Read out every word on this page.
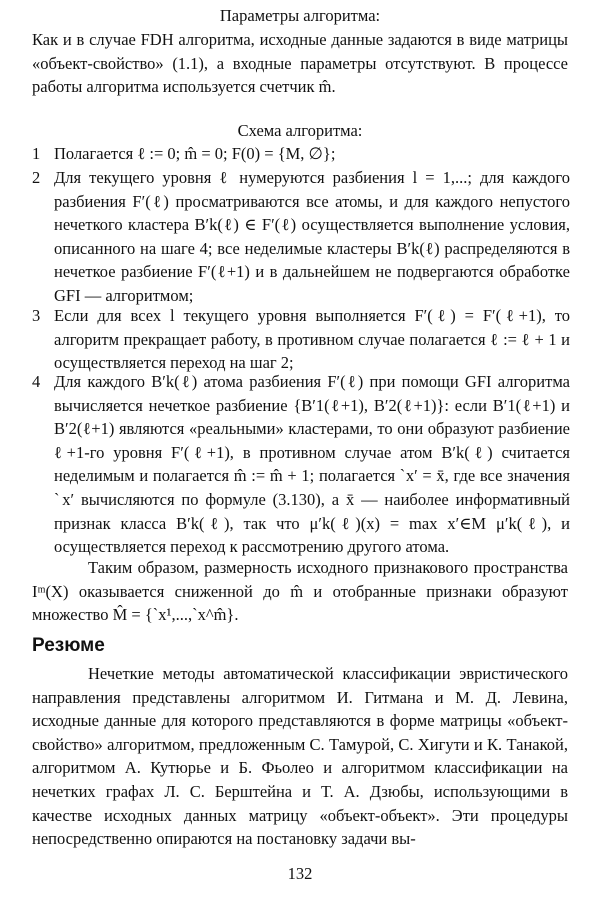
Параметры алгоритма:
Как и в случае FDH алгоритма, исходные данные задаются в виде матрицы «объект-свойство» (1.1), а входные параметры отсутствуют. В процессе работы алгоритма используется счетчик m̂.
Схема алгоритма:
1 Полагается ℓ := 0; m̂ = 0; F(0) = {M, ∅};
2 Для текущего уровня ℓ нумеруются разбиения l = 1,...; для каждого разбиения F′(ℓ) просматриваются все атомы, и для каждого непустого нечеткого кластера B′k(ℓ) ∈ F′(ℓ) осуществляется выполнение условия, описанного на шаге 4; все неделимые кластеры B′k(ℓ) распределяются в нечеткое разбиение F′(ℓ+1) и в дальнейшем не подвергаются обработке GFI — алгоритмом;
3 Если для всех l текущего уровня выполняется F′(ℓ) = F′(ℓ+1), то алгоритм прекращает работу, в противном случае полагается ℓ := ℓ + 1 и осуществляется переход на шаг 2;
4 Для каждого B′k(ℓ) атома разбиения F′(ℓ) при помощи GFI алгоритма вычисляется нечеткое разбиение {B′1(ℓ+1), B′2(ℓ+1)}: если B′1(ℓ+1) и B′2(ℓ+1) являются «реальными» кластерами, то они образуют разбиение ℓ+1-го уровня F′(ℓ+1), в противном случае атом B′k(ℓ) считается неделимым и полагается m̂ := m̂ + 1; полагается ˋx′ = x̄, где все значения ˋx′ вычисляются по формуле (3.130), а x̄ — наиболее информативный признак класса B′k(ℓ), так что μ′k(ℓ)(x) = max x′∈M μ′k(ℓ), и осуществляется переход к рассмотрению другого атома.
Таким образом, размерность исходного признакового пространства Iᵐ(X) оказывается сниженной до m̂ и отобранные признаки образуют множество M̂ = {ˋx¹,...,ˋx^m̂}.
Резюме
Нечеткие методы автоматической классификации эвристического направления представлены алгоритмом И. Гитмана и М. Д. Левина, исходные данные для которого представляются в форме матрицы «объект-свойство» алгоритмом, предложенным С. Тамурой, С. Хигути и К. Танакой, алгоритмом А. Кутюрье и Б. Фьолео и алгоритмом классификации на нечетких графах Л. С. Берштейна и Т. А. Дзюбы, использующими в качестве исходных данных матрицу «объект-объект». Эти процедуры непосредственно опираются на постановку задачи вы-
132
